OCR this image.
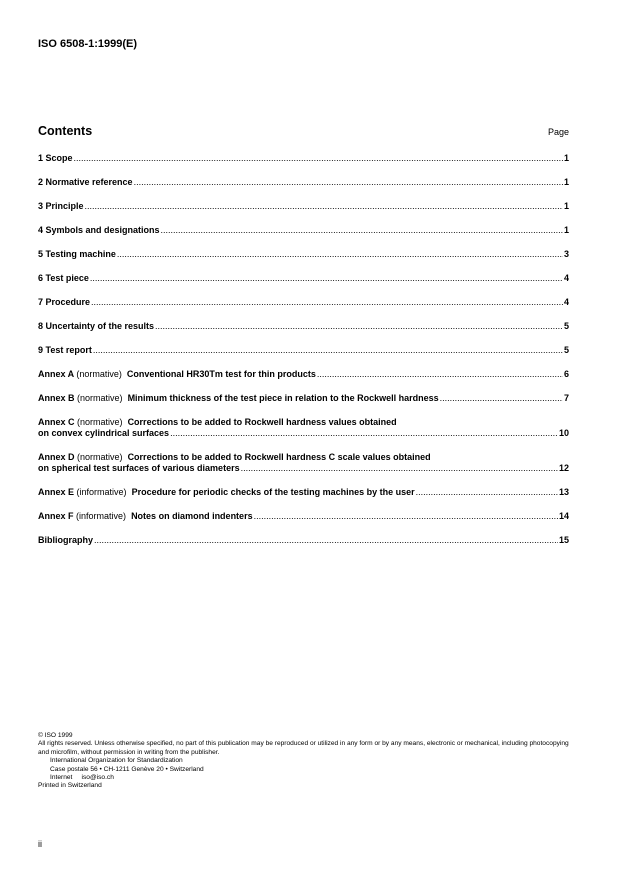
ISO 6508-1:1999(E)
Contents	Page
1 Scope .....	1
2 Normative reference .....	1
3 Principle .....	1
4 Symbols and designations .....	1
5 Testing machine .....	3
6 Test piece .....	4
7 Procedure .....	4
8 Uncertainty of the results .....	5
9 Test report .....	5
Annex A (normative) Conventional HR30Tm test for thin products .....	6
Annex B (normative) Minimum thickness of the test piece in relation to the Rockwell hardness .....	7
Annex C (normative) Corrections to be added to Rockwell hardness values obtained
on convex cylindrical surfaces .....	10
Annex D (normative) Corrections to be added to Rockwell hardness C scale values obtained
on spherical test surfaces of various diameters .....	12
Annex E (informative) Procedure for periodic checks of the testing machines by the user .....	13
Annex F (informative) Notes on diamond indenters .....	14
Bibliography .....	15
© ISO 1999
All rights reserved. Unless otherwise specified, no part of this publication may be reproduced or utilized in any form or by any means, electronic or mechanical, including photocopying and microfilm, without permission in writing from the publisher.
International Organization for Standardization
Case postale 56 • CH-1211 Genève 20 • Switzerland
Internet     iso@iso.ch
Printed in Switzerland
ii
